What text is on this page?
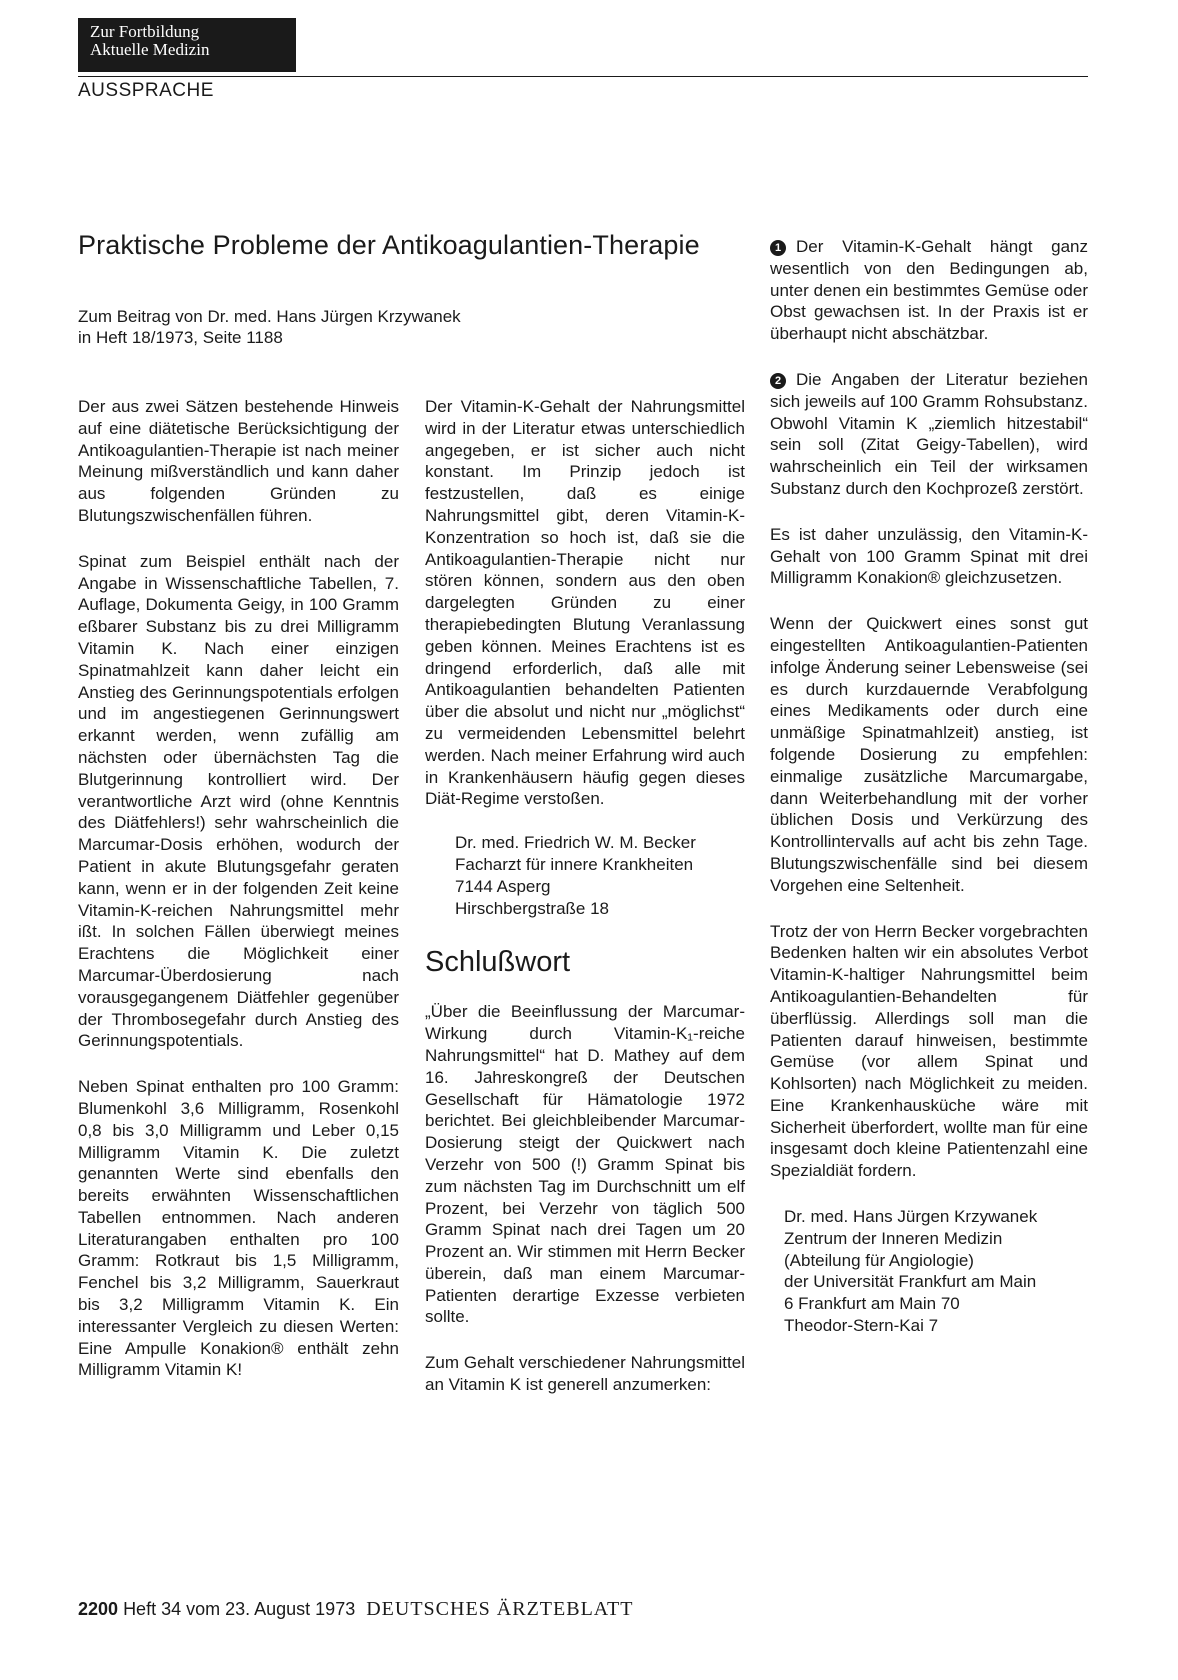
Zur Fortbildung
Aktuelle Medizin
AUSSPRACHE
Praktische Probleme der Antikoagulantien-Therapie
Zum Beitrag von Dr. med. Hans Jürgen Krzywanek
in Heft 18/1973, Seite 1188

Der aus zwei Sätzen bestehende Hinweis auf eine diätetische Berücksichtigung der Antikoagulantien-Therapie ist nach meiner Meinung mißverständlich und kann daher aus folgenden Gründen zu Blutungszwischenfällen führen.

Spinat zum Beispiel enthält nach der Angabe in Wissenschaftliche Tabellen, 7. Auflage, Dokumenta Geigy, in 100 Gramm eßbarer Substanz bis zu drei Milligramm Vitamin K. Nach einer einzigen Spinatmahlzeit kann daher leicht ein Anstieg des Gerinnungspotentials erfolgen und im angestiegenen Gerinnungswert erkannt werden, wenn zufällig am nächsten oder übernächsten Tag die Blutgerinnung kontrolliert wird. Der verantwortliche Arzt wird (ohne Kenntnis des Diätfehlers!) sehr wahrscheinlich die Marcumar-Dosis erhöhen, wodurch der Patient in akute Blutungsgefahr geraten kann, wenn er in der folgenden Zeit keine Vitamin-K-reichen Nahrungsmittel mehr ißt. In solchen Fällen überwiegt meines Erachtens die Möglichkeit einer Marcumar-Überdosierung nach vorausgegangenem Diätfehler gegenüber der Thrombosegefahr durch Anstieg des Gerinnungspotentials.

Neben Spinat enthalten pro 100 Gramm: Blumenkohl 3,6 Milligramm, Rosenkohl 0,8 bis 3,0 Milligramm und Leber 0,15 Milligramm Vitamin K. Die zuletzt genannten Werte sind ebenfalls den bereits erwähnten Wissenschaftlichen Tabellen entnommen. Nach anderen Literaturangaben enthalten pro 100 Gramm: Rotkraut bis 1,5 Milligramm, Fenchel bis 3,2 Milligramm, Sauerkraut bis 3,2 Milligramm Vitamin K. Ein interessanter Vergleich zu diesen Werten: Eine Ampulle Konakion® enthält zehn Milligramm Vitamin K!

Der Vitamin-K-Gehalt der Nahrungsmittel wird in der Literatur etwas unterschiedlich angegeben, er ist sicher auch nicht konstant. Im Prinzip jedoch ist festzustellen, daß es einige Nahrungsmittel gibt, deren Vitamin-K-Konzentration so hoch ist, daß sie die Antikoagulantien-Therapie nicht nur stören können, sondern aus den oben dargelegten Gründen zu einer therapiebedingten Blutung Veranlassung geben können. Meines Erachtens ist es dringend erforderlich, daß alle mit Antikoagulantien behandelten Patienten über die absolut und nicht nur „möglichst“ zu vermeidenden Lebensmittel belehrt werden. Nach meiner Erfahrung wird auch in Krankenhäusern häufig gegen dieses Diät-Regime verstoßen.

Dr. med. Friedrich W. M. Becker
Facharzt für innere Krankheiten
7144 Asperg
Hirschbergstraße 18
Schlußwort

„Über die Beeinflussung der Marcumar-Wirkung durch Vitamin-K₁-reiche Nahrungsmittel“ hat D. Mathey auf dem 16. Jahreskongreß der Deutschen Gesellschaft für Hämatologie 1972 berichtet. Bei gleichbleibender Marcumar-Dosierung steigt der Quickwert nach Verzehr von 500 (!) Gramm Spinat bis zum nächsten Tag im Durchschnitt um elf Prozent, bei Verzehr von täglich 500 Gramm Spinat nach drei Tagen um 20 Prozent an. Wir stimmen mit Herrn Becker überein, daß man einem Marcumar-Patienten derartige Exzesse verbieten sollte.

Zum Gehalt verschiedener Nahrungsmittel an Vitamin K ist generell anzumerken:

1 Der Vitamin-K-Gehalt hängt ganz wesentlich von den Bedingungen ab, unter denen ein bestimmtes Gemüse oder Obst gewachsen ist. In der Praxis ist er überhaupt nicht abschätzbar.

2 Die Angaben der Literatur beziehen sich jeweils auf 100 Gramm Rohsubstanz. Obwohl Vitamin K „ziemlich hitzestabil“ sein soll (Zitat Geigy-Tabellen), wird wahrscheinlich ein Teil der wirksamen Substanz durch den Kochprozeß zerstört.

Es ist daher unzulässig, den Vitamin-K-Gehalt von 100 Gramm Spinat mit drei Milligramm Konakion® gleichzusetzen.

Wenn der Quickwert eines sonst gut eingestellten Antikoagulantien-Patienten infolge Änderung seiner Lebensweise (sei es durch kurzdauernde Verabfolgung eines Medikaments oder durch eine unmäßige Spinatmahlzeit) anstieg, ist folgende Dosierung zu empfehlen: einmalige zusätzliche Marcumargabe, dann Weiterbehandlung mit der vorher üblichen Dosis und Verkürzung des Kontrollintervalls auf acht bis zehn Tage. Blutungszwischenfälle sind bei diesem Vorgehen eine Seltenheit.

Trotz der von Herrn Becker vorgebrachten Bedenken halten wir ein absolutes Verbot Vitamin-K-haltiger Nahrungsmittel beim Antikoagulantien-Behandelten für überflüssig. Allerdings soll man die Patienten darauf hinweisen, bestimmte Gemüse (vor allem Spinat und Kohlsorten) nach Möglichkeit zu meiden. Eine Krankenhausküche wäre mit Sicherheit überfordert, wollte man für eine insgesamt doch kleine Patientenzahl eine Spezialdiät fordern.

Dr. med. Hans Jürgen Krzywanek
Zentrum der Inneren Medizin
(Abteilung für Angiologie)
der Universität Frankfurt am Main
6 Frankfurt am Main 70
Theodor-Stern-Kai 7
2200 Heft 34 vom 23. August 1973 DEUTSCHES ÄRZTEBLATT
